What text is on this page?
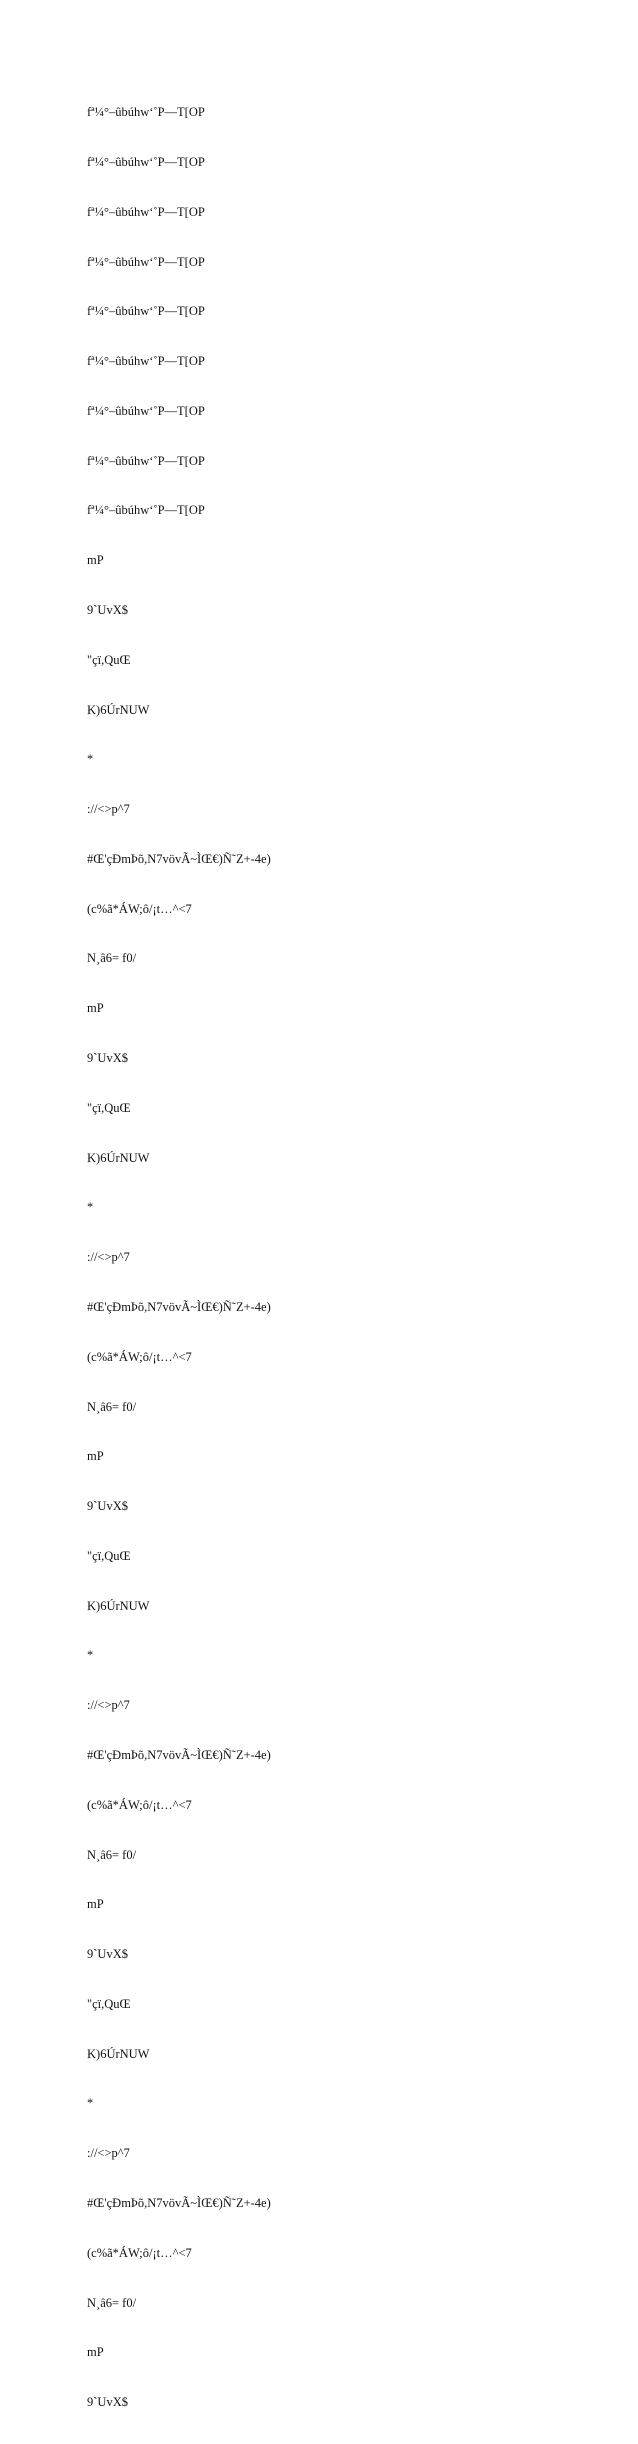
fª¼°–ûbúhw‘˚P—T[OP

fª¼°–ûbúhw‘˚P—T[OP

fª¼°–ûbúhw‘˚P—T[OP

fª¼°–ûbúhw‘˚P—T[OP

fª¼°–ûbúhw‘˚P—T[OP

fª¼°–ûbúhw‘˚P—T[OP

fª¼°–ûbúhw‘˚P—T[OP

fª¼°–ûbúhw‘˚P—T[OP

fª¼°–ûbúhw‘˚P—T[OP

mP

9`UvX$

"çï,QuŒ

K)6ÚrNUW

*

://<>p^7

#Œ'çÐmÞõ,N7vövÃ~ÌŒ€)Ñ˜Z+-4e)

(c%ã*ÁW;ô/¡t…^<7

N¸â6= f0/

mP

9`UvX$

"çï,QuŒ

K)6ÚrNUW

*

://<>p^7

#Œ'çÐmÞõ,N7vövÃ~ÌŒ€)Ñ˜Z+-4e)

(c%ã*ÁW;ô/¡t…^<7

N¸â6= f0/

mP

9`UvX$

"çï,QuŒ

K)6ÚrNUW

*

://<>p^7

#Œ'çÐmÞõ,N7vövÃ~ÌŒ€)Ñ˜Z+-4e)

(c%ã*ÁW;ô/¡t…^<7

N¸â6= f0/

mP

9`UvX$

"çï,QuŒ

K)6ÚrNUW

*

://<>p^7

#Œ'çÐmÞõ,N7vövÃ~ÌŒ€)Ñ˜Z+-4e)

(c%ã*ÁW;ô/¡t…^<7

N¸â6= f0/

mP

9`UvX$
